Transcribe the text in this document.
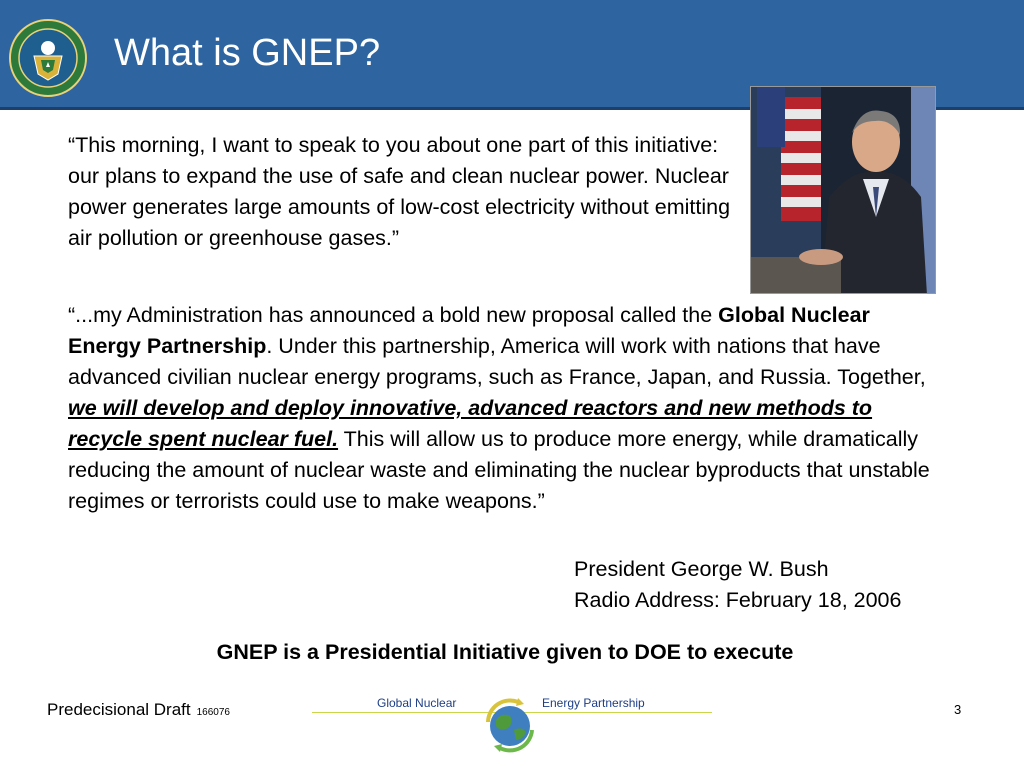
What is GNEP?
“This morning, I want to speak to you about one part of this initiative: our plans to expand the use of safe and clean nuclear power. Nuclear power generates large amounts of low-cost electricity without emitting air pollution or greenhouse gases.”
“...my Administration has announced a bold new proposal called the Global Nuclear Energy Partnership. Under this partnership, America will work with nations that have advanced civilian nuclear energy programs, such as France, Japan, and Russia. Together, we will develop and deploy innovative, advanced reactors and new methods to recycle spent nuclear fuel. This will allow us to produce more energy, while dramatically reducing the amount of nuclear waste and eliminating the nuclear byproducts that unstable regimes or terrorists could use to make weapons.”
President George W. Bush
Radio Address: February 18, 2006
GNEP is a Presidential Initiative given to DOE to execute
Predecisional Draft 166076
Global Nuclear	Energy Partnership	3
